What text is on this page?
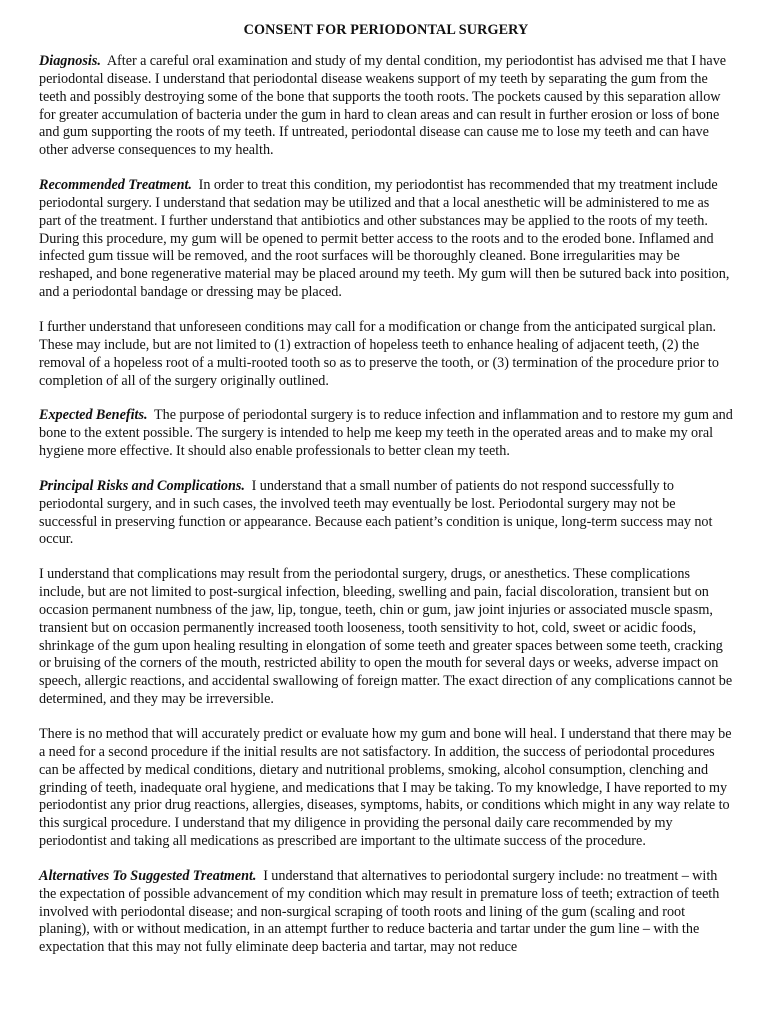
CONSENT FOR PERIODONTAL SURGERY

Diagnosis. After a careful oral examination and study of my dental condition, my periodontist has advised me that I have periodontal disease. I understand that periodontal disease weakens support of my teeth by separating the gum from the teeth and possibly destroying some of the bone that supports the tooth roots. The pockets caused by this separation allow for greater accumulation of bacteria under the gum in hard to clean areas and can result in further erosion or loss of bone and gum supporting the roots of my teeth. If untreated, periodontal disease can cause me to lose my teeth and can have other adverse consequences to my health.

Recommended Treatment. In order to treat this condition, my periodontist has recommended that my treatment include periodontal surgery. I understand that sedation may be utilized and that a local anesthetic will be administered to me as part of the treatment. I further understand that antibiotics and other substances may be applied to the roots of my teeth. During this procedure, my gum will be opened to permit better access to the roots and to the eroded bone. Inflamed and infected gum tissue will be removed, and the root surfaces will be thoroughly cleaned. Bone irregularities may be reshaped, and bone regenerative material may be placed around my teeth. My gum will then be sutured back into position, and a periodontal bandage or dressing may be placed.

I further understand that unforeseen conditions may call for a modification or change from the anticipated surgical plan. These may include, but are not limited to (1) extraction of hopeless teeth to enhance healing of adjacent teeth, (2) the removal of a hopeless root of a multi-rooted tooth so as to preserve the tooth, or (3) termination of the procedure prior to completion of all of the surgery originally outlined.

Expected Benefits. The purpose of periodontal surgery is to reduce infection and inflammation and to restore my gum and bone to the extent possible. The surgery is intended to help me keep my teeth in the operated areas and to make my oral hygiene more effective. It should also enable professionals to better clean my teeth.

Principal Risks and Complications. I understand that a small number of patients do not respond successfully to periodontal surgery, and in such cases, the involved teeth may eventually be lost. Periodontal surgery may not be successful in preserving function or appearance. Because each patient’s condition is unique, long-term success may not occur.

I understand that complications may result from the periodontal surgery, drugs, or anesthetics. These complications include, but are not limited to post-surgical infection, bleeding, swelling and pain, facial discoloration, transient but on occasion permanent numbness of the jaw, lip, tongue, teeth, chin or gum, jaw joint injuries or associated muscle spasm, transient but on occasion permanently increased tooth looseness, tooth sensitivity to hot, cold, sweet or acidic foods, shrinkage of the gum upon healing resulting in elongation of some teeth and greater spaces between some teeth, cracking or bruising of the corners of the mouth, restricted ability to open the mouth for several days or weeks, adverse impact on speech, allergic reactions, and accidental swallowing of foreign matter. The exact direction of any complications cannot be determined, and they may be irreversible.

There is no method that will accurately predict or evaluate how my gum and bone will heal. I understand that there may be a need for a second procedure if the initial results are not satisfactory. In addition, the success of periodontal procedures can be affected by medical conditions, dietary and nutritional problems, smoking, alcohol consumption, clenching and grinding of teeth, inadequate oral hygiene, and medications that I may be taking. To my knowledge, I have reported to my periodontist any prior drug reactions, allergies, diseases, symptoms, habits, or conditions which might in any way relate to this surgical procedure. I understand that my diligence in providing the personal daily care recommended by my periodontist and taking all medications as prescribed are important to the ultimate success of the procedure.

Alternatives To Suggested Treatment. I understand that alternatives to periodontal surgery include: no treatment – with the expectation of possible advancement of my condition which may result in premature loss of teeth; extraction of teeth involved with periodontal disease; and non-surgical scraping of tooth roots and lining of the gum (scaling and root planing), with or without medication, in an attempt further to reduce bacteria and tartar under the gum line – with the expectation that this may not fully eliminate deep bacteria and tartar, may not reduce
